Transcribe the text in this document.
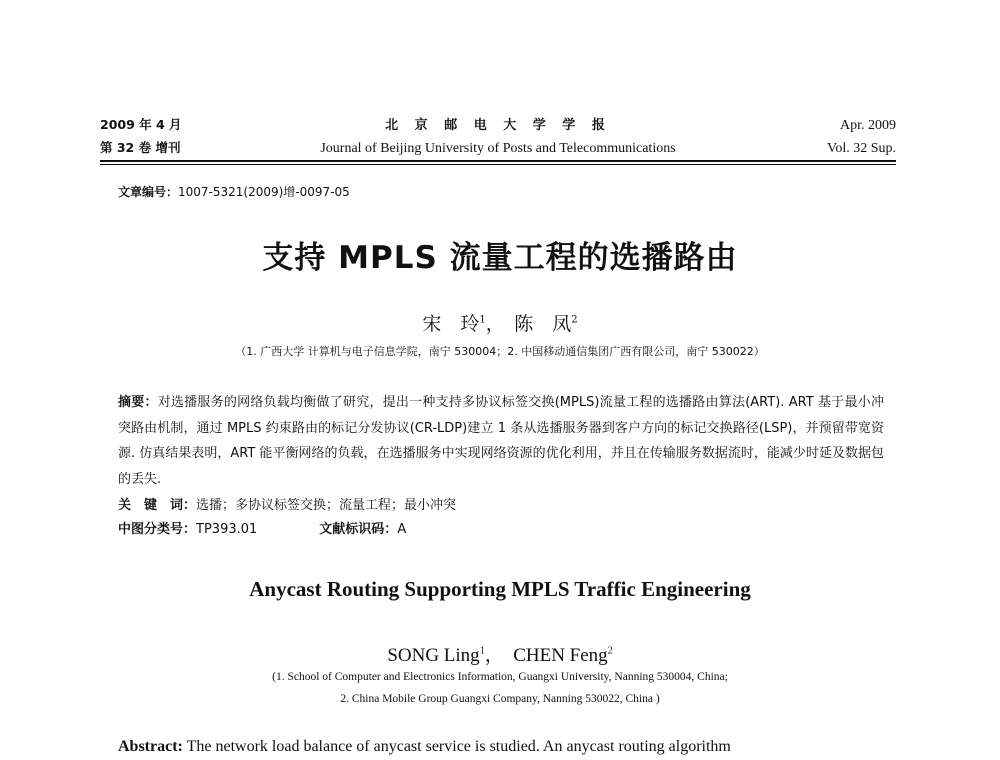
2009 年 4 月	北 京 邮 电 大 学 学 报	Apr. 2009
第 32 卷 增刊	Journal of Beijing University of Posts and Telecommunications	Vol. 32 Sup.
文章编号：1007-5321(2009)增-0097-05
支持 MPLS 流量工程的选播路由
宋　玲$^1$，　陈　凤$^2$
（1. 广西大学 计算机与电子信息学院，南宁 530004；2. 中国移动通信集团广西有限公司，南宁 530022）
摘要：对选播服务的网络负载均衡做了研究，提出一种支持多协议标签交换(MPLS)流量工程的选播路由算法(ART). ART 基于最小冲突路由机制，通过 MPLS 约束路由的标记分发协议(CR-LDP)建立 1 条从选播服务器到客户方向的标记交换路径(LSP)，并预留带宽资源. 仿真结果表明，ART 能平衡网络的负载，在选播服务中实现网络资源的优化利用，并且在传输服务数据流时，能减少时延及数据包的丢失.
关　键　词：选播；多协议标签交换；流量工程；最小冲突
中图分类号：TP393.01	文献标识码：A
Anycast Routing Supporting MPLS Traffic Engineering
SONG Ling$^1$，　CHEN Feng$^2$
(1. School of Computer and Electronics Information, Guangxi University, Nanning 530004, China;
2. China Mobile Group Guangxi Company, Nanning 530022, China )
Abstract: The network load balance of anycast service is studied. An anycast routing algorithm
